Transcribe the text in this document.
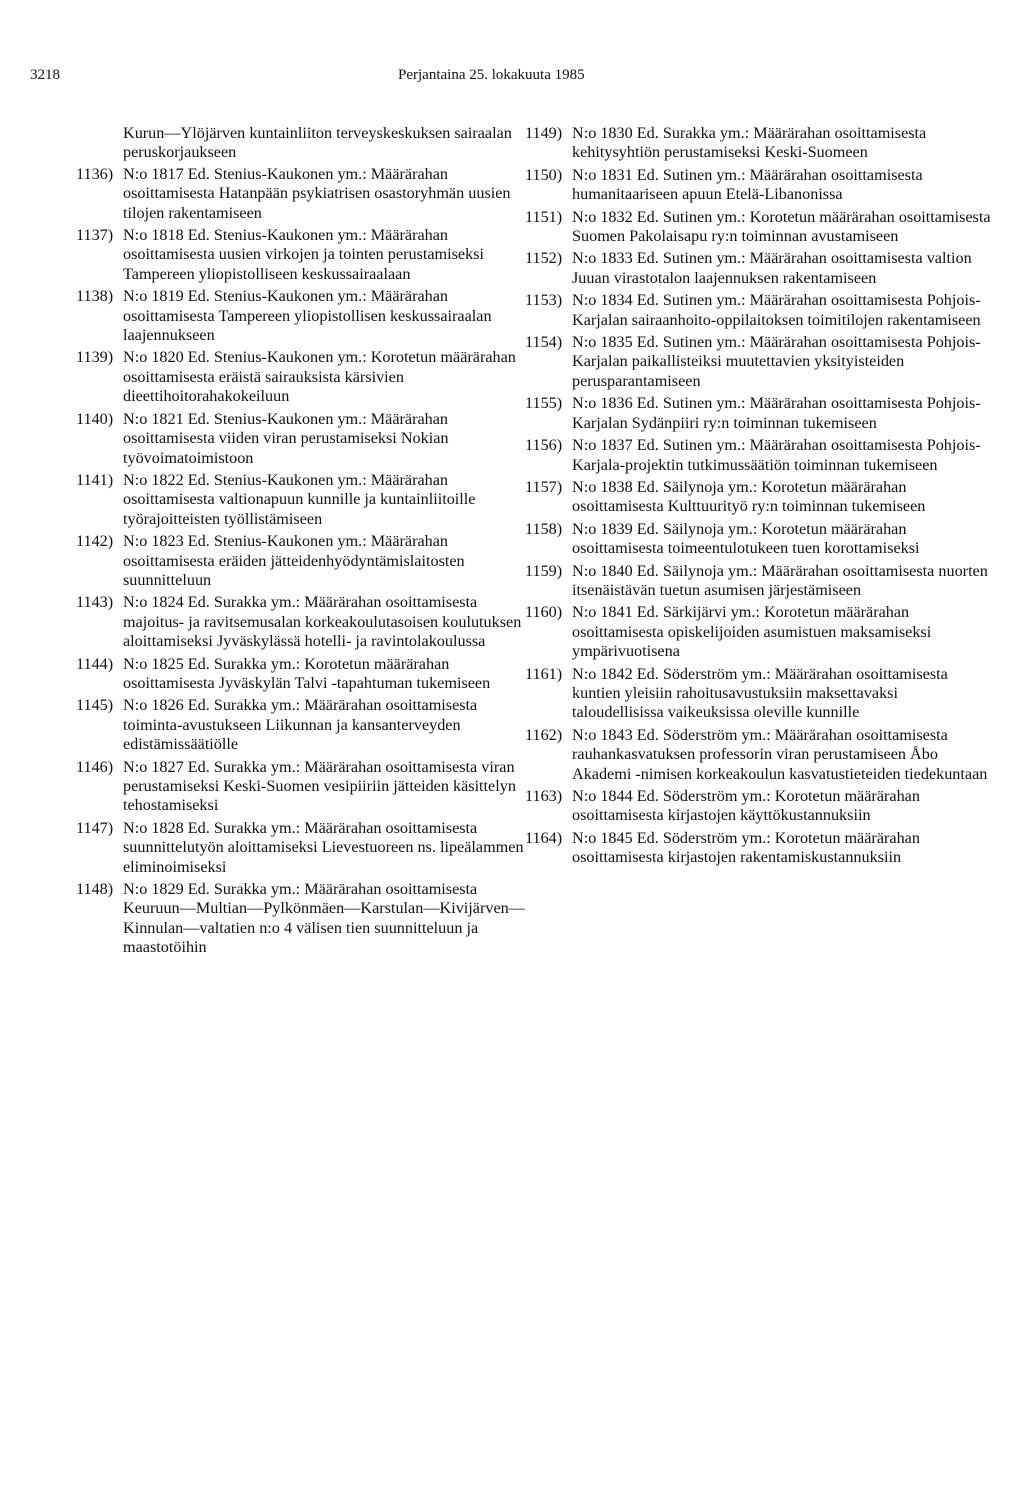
3218	Perjantaina 25. lokakuuta 1985
Kurun—Ylöjärven kuntainliiton terveyskeskuksen sairaalan peruskorjaukseen
1136) N:o 1817 Ed. Stenius-Kaukonen ym.: Määrärahan osoittamisesta Hatanpään psykiatrisen osastoryhmän uusien tilojen rakentamiseen
1137) N:o 1818 Ed. Stenius-Kaukonen ym.: Määrärahan osoittamisesta uusien virkojen ja tointen perustamiseksi Tampereen yliopistolliseen keskussairaalaan
1138) N:o 1819 Ed. Stenius-Kaukonen ym.: Määrärahan osoittamisesta Tampereen yliopistollisen keskussairaalan laajennukseen
1139) N:o 1820 Ed. Stenius-Kaukonen ym.: Korotetun määrärahan osoittamisesta eräistä sairauksista kärsivien dieettihoitorahakokeiluun
1140) N:o 1821 Ed. Stenius-Kaukonen ym.: Määrärahan osoittamisesta viiden viran perustamiseksi Nokian työvoimatoimistoon
1141) N:o 1822 Ed. Stenius-Kaukonen ym.: Määrärahan osoittamisesta valtionapuun kunnille ja kuntainliitoille työrajoitteisten työllistämiseen
1142) N:o 1823 Ed. Stenius-Kaukonen ym.: Määrärahan osoittamisesta eräiden jätteidenhyödyntämislaitosten suunnitteluun
1143) N:o 1824 Ed. Surakka ym.: Määrärahan osoittamisesta majoitus- ja ravitsemusalan korkeakoulutasoisen koulutuksen aloittamiseksi Jyväskylässä hotelli- ja ravintolakoulussa
1144) N:o 1825 Ed. Surakka ym.: Korotetun määrärahan osoittamisesta Jyväskylän Talvi -tapahtuman tukemiseen
1145) N:o 1826 Ed. Surakka ym.: Määrärahan osoittamisesta toiminta-avustukseen Liikunnan ja kansanterveyden edistämissäätiölle
1146) N:o 1827 Ed. Surakka ym.: Määrärahan osoittamisesta viran perustamiseksi Keski-Suomen vesipiiriin jätteiden käsittelyn tehostamiseksi
1147) N:o 1828 Ed. Surakka ym.: Määrärahan osoittamisesta suunnittelutyön aloittamiseksi Lievestuoreen ns. lipeälammen eliminoimiseksi
1148) N:o 1829 Ed. Surakka ym.: Määrärahan osoittamisesta Keuruun—Multian—Pylkönmäen—Karstulan—Kivijärven—Kinnulan—valtatien n:o 4 välisen tien suunnitteluun ja maastotöihin
1149) N:o 1830 Ed. Surakka ym.: Määrärahan osoittamisesta kehitysyhtiön perustamiseksi Keski-Suomeen
1150) N:o 1831 Ed. Sutinen ym.: Määrärahan osoittamisesta humanitaariseen apuun Etelä-Libanonissa
1151) N:o 1832 Ed. Sutinen ym.: Korotetun määrärahan osoittamisesta Suomen Pakolaisapu ry:n toiminnan avustamiseen
1152) N:o 1833 Ed. Sutinen ym.: Määrärahan osoittamisesta valtion Juuan virastotalon laajennuksen rakentamiseen
1153) N:o 1834 Ed. Sutinen ym.: Määrärahan osoittamisesta Pohjois-Karjalan sairaanhoito-oppilaitoksen toimitilojen rakentamiseen
1154) N:o 1835 Ed. Sutinen ym.: Määrärahan osoittamisesta Pohjois-Karjalan paikallisteiksi muutettavien yksityisteiden perusparantamiseen
1155) N:o 1836 Ed. Sutinen ym.: Määrärahan osoittamisesta Pohjois-Karjalan Sydänpiiri ry:n toiminnan tukemiseen
1156) N:o 1837 Ed. Sutinen ym.: Määrärahan osoittamisesta Pohjois-Karjala-projektin tutkimussäätiön toiminnan tukemiseen
1157) N:o 1838 Ed. Säilynoja ym.: Korotetun määrärahan osoittamisesta Kulttuurityö ry:n toiminnan tukemiseen
1158) N:o 1839 Ed. Säilynoja ym.: Korotetun määrärahan osoittamisesta toimeentulotukeen tuen korottamiseksi
1159) N:o 1840 Ed. Säilynoja ym.: Määrärahan osoittamisesta nuorten itsenäistävän tuetun asumisen järjestämiseen
1160) N:o 1841 Ed. Särkijärvi ym.: Korotetun määrärahan osoittamisesta opiskelijoiden asumistuen maksamiseksi ympärivuotisena
1161) N:o 1842 Ed. Söderström ym.: Määrärahan osoittamisesta kuntien yleisiin rahoitusavustuksiin maksettavaksi taloudellisissa vaikeuksissa oleville kunnille
1162) N:o 1843 Ed. Söderström ym.: Määrärahan osoittamisesta rauhankasvatuksen professorin viran perustamiseen Åbo Akademi -nimisen korkeakoulun kasvatustieteiden tiedekuntaan
1163) N:o 1844 Ed. Söderström ym.: Korotetun määrärahan osoittamisesta kirjastojen käyttökustannuksiin
1164) N:o 1845 Ed. Söderström ym.: Korotetun määrärahan osoittamisesta kirjastojen rakentamiskustannuksiin
